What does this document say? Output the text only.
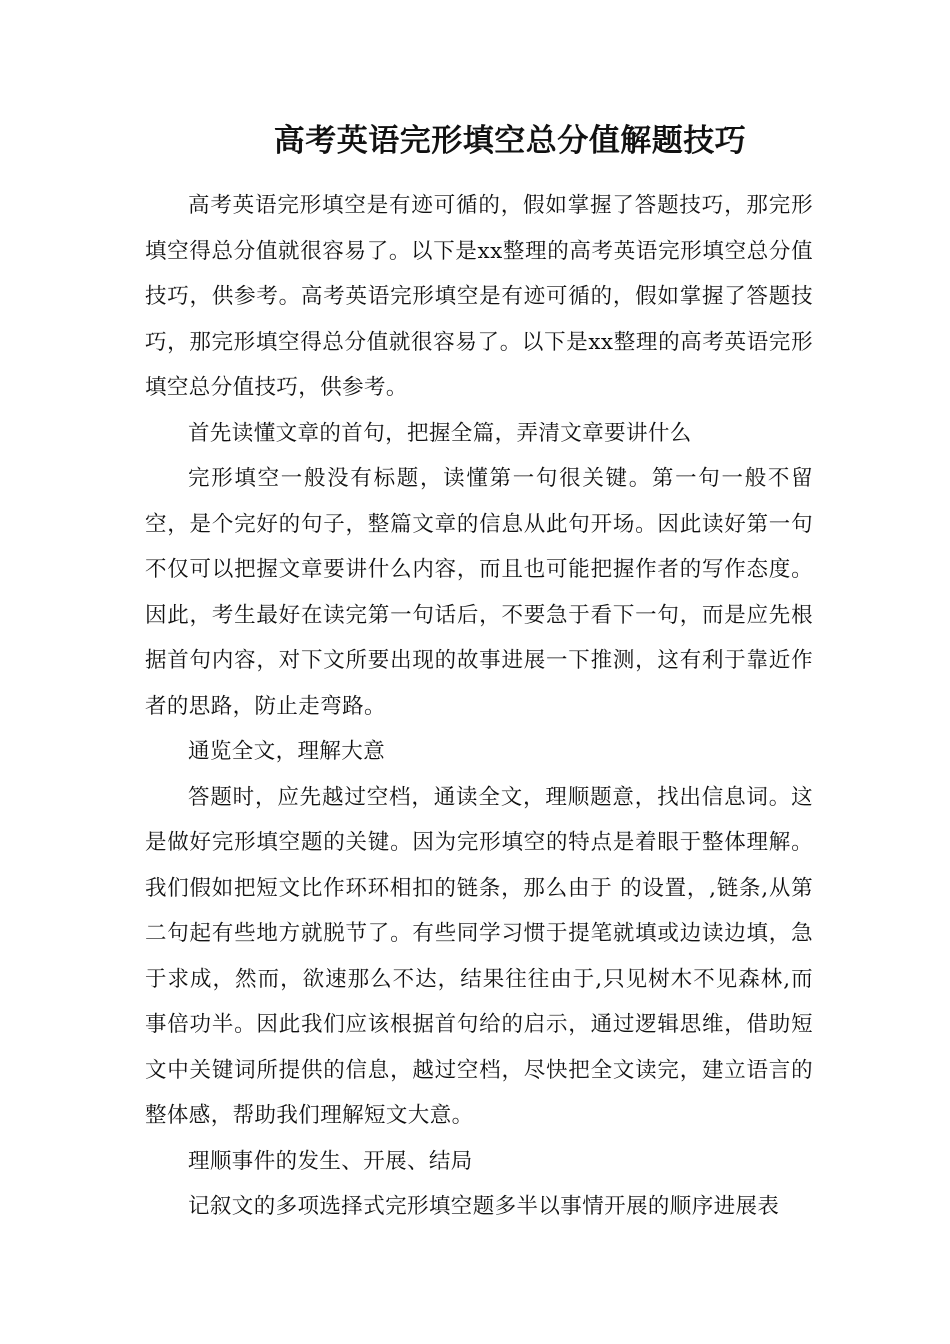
高考英语完形填空总分值解题技巧

高考英语完形填空是有迹可循的，假如掌握了答题技巧，那完形填空得总分值就很容易了。以下是xx整理的高考英语完形填空总分值技巧，供参考。高考英语完形填空是有迹可循的，假如掌握了答题技巧，那完形填空得总分值就很容易了。以下是xx整理的高考英语完形填空总分值技巧，供参考。

首先读懂文章的首句，把握全篇，弄清文章要讲什么

完形填空一般没有标题，读懂第一句很关键。第一句一般不留空，是个完好的句子，整篇文章的信息从此句开场。因此读好第一句不仅可以把握文章要讲什么内容，而且也可能把握作者的写作态度。因此，考生最好在读完第一句话后，不要急于看下一句，而是应先根据首句内容，对下文所要出现的故事进展一下推测，这有利于靠近作者的思路，防止走弯路。

通览全文，理解大意

答题时，应先越过空档，通读全文，理顺题意，找出信息词。这是做好完形填空题的关键。因为完形填空的特点是着眼于整体理解。我们假如把短文比作环环相扣的链条，那么由于 的设置，,链条,从第二句起有些地方就脱节了。有些同学习惯于提笔就填或边读边填，急于求成，然而，欲速那么不达，结果往往由于,只见树木不见森林,而事倍功半。因此我们应该根据首句给的启示，通过逻辑思维，借助短文中关键词所提供的信息，越过空档，尽快把全文读完，建立语言的整体感，帮助我们理解短文大意。

理顺事件的发生、开展、结局

记叙文的多项选择式完形填空题多半以事情开展的顺序进展表
